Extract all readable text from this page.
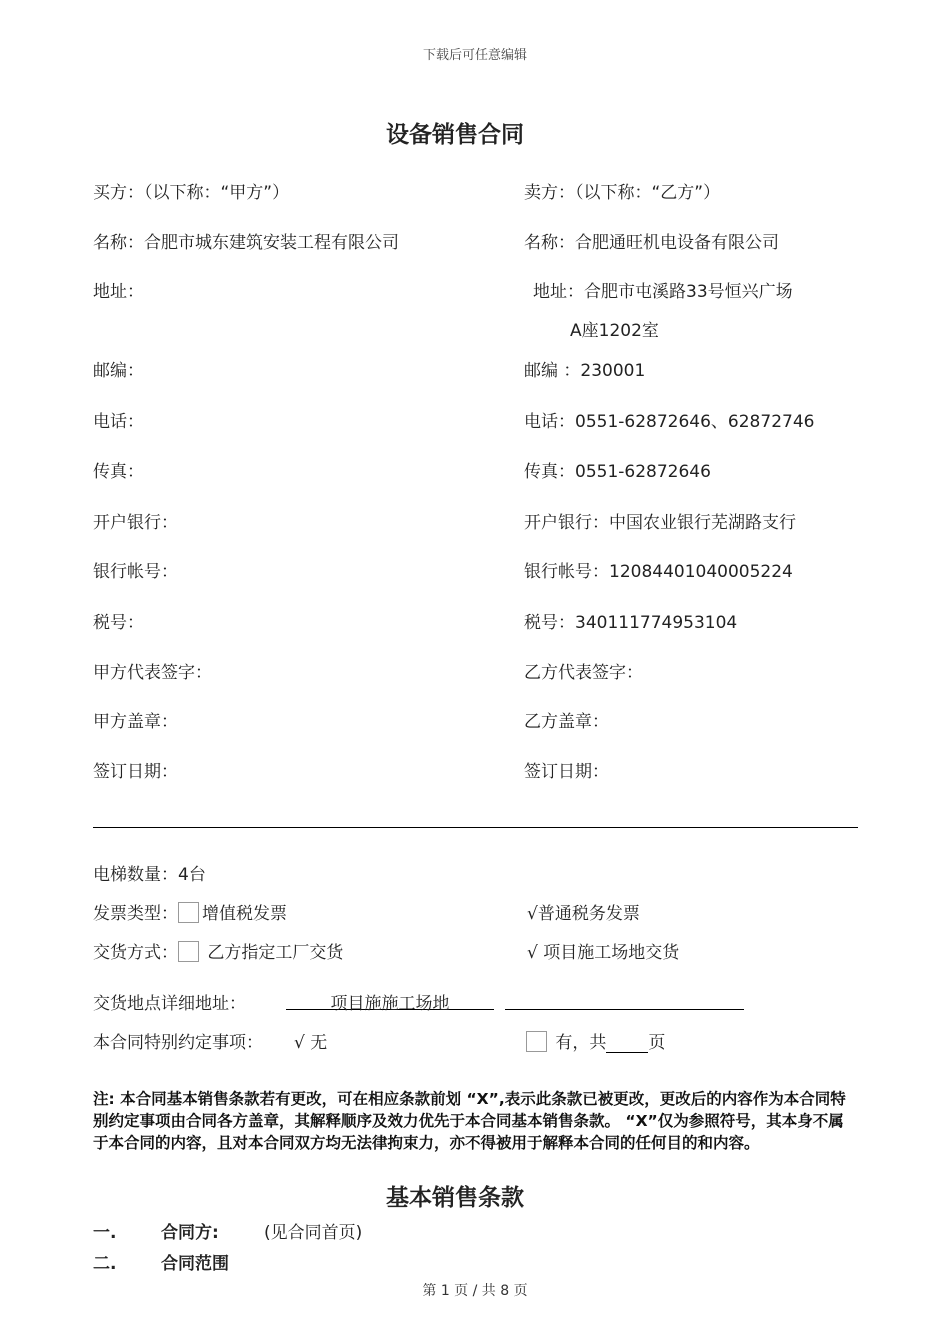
下载后可任意编辑
设备销售合同
买方：（以下称：“甲方”）
名称：合肥市城东建筑安装工程有限公司
地址：
邮编：
电话：
传真：
开户银行：
银行帐号：
税号：
甲方代表签字：
甲方盖章：
签订日期：
卖方：（以下称：“乙方”）
名称：合肥通旺机电设备有限公司
地址：合肥市屯溪路33号恒兴广场
A座1202室
邮编 ：230001
电话：0551-62872646、62872746
传真：0551-62872646
开户银行：中国农业银行芜湖路支行
银行帐号：12084401040005224
税号：340111774953104
乙方代表签字：
乙方盖章：
签订日期：
电梯数量：4台
发票类型： 增值税发票	√普通税务发票
交货方式： 乙方指定工厂交货	√ 项目施工场地交货
交货地点详细地址：	项目施施工场地
本合同特别约定事项： √ 无	有，共 页
注: 本合同基本销售条款若有更改，可在相应条款前划 “X”,表示此条款已被更改，更改后的内容作为本合同特别约定事项由合同各方盖章，其解释顺序及效力优先于本合同基本销售条款。 “X”仅为参照符号，其本身不属于本合同的内容，且对本合同双方均无法律拘束力，亦不得被用于解释本合同的任何目的和内容。
基本销售条款
一.	合同方:	(见合同首页)
二.	合同范围
第 1 页 / 共 8 页
